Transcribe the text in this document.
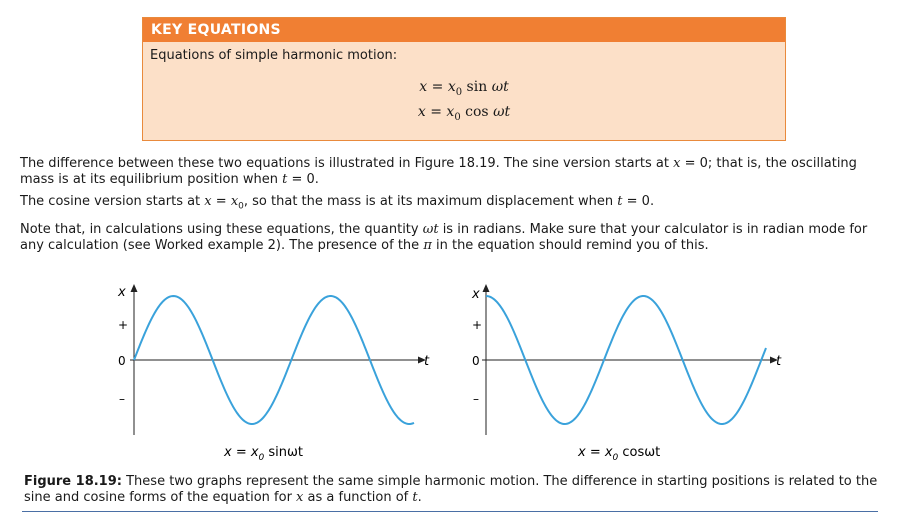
KEY EQUATIONS
Equations of simple harmonic motion:
$x = x_0$ sin ωt
$x = x_0$ cos ωt
The difference between these two equations is illustrated in Figure 18.19. The sine version starts at x = 0; that is, the oscillating mass is at its equilibrium position when t = 0.
The cosine version starts at $x = x_0$, so that the mass is at its maximum displacement when t = 0.
Note that, in calculations using these equations, the quantity ωt is in radians. Make sure that your calculator is in radian mode for any calculation (see Worked example 2). The presence of the π in the equation should remind you of this.
x
+
0
–
t
$x = x_0$ sinωt
x
+
0
–
t
$x = x_0$ cosωt
Figure 18.19: These two graphs represent the same simple harmonic motion. The difference in starting positions is related to the sine and cosine forms of the equation for x as a function of t.
